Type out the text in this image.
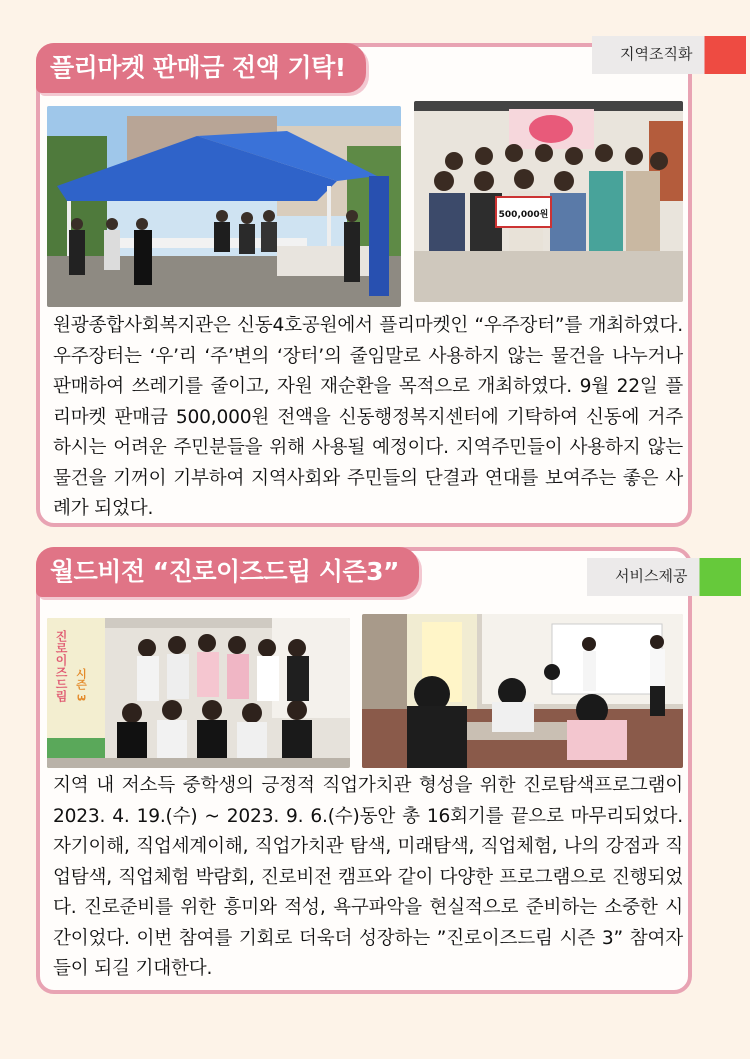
플리마켓 판매금 전액 기탁!	지역조직화
500,000원

원광종합사회복지관은 신동4호공원에서 플리마켓인 “우주장터”를 개최하였다. 우주장터는 ‘우’리 ‘주’변의 ‘장터’의 줄임말로 사용하지 않는 물건을 나누거나 판매하여 쓰레기를 줄이고, 자원 재순환을 목적으로 개최하였다. 9월 22일 플리마켓 판매금 500,000원 전액을 신동행정복지센터에 기탁하여 신동에 거주하시는 어려운 주민분들을 위해 사용될 예정이다. 지역주민들이 사용하지 않는 물건을 기꺼이 기부하여 지역사회와 주민들의 단결과 연대를 보여주는 좋은 사례가 되었다.

월드비전 “진로이즈드림 시즌3”	서비스제공
진로이즈드림 시즌 3

지역 내 저소득 중학생의 긍정적 직업가치관 형성을 위한 진로탐색프로그램이 2023. 4. 19.(수) ~ 2023. 9. 6.(수)동안 총 16회기를 끝으로 마무리되었다. 자기이해, 직업세계이해, 직업가치관 탐색, 미래탐색, 직업체험, 나의 강점과 직업탐색, 직업체험 박람회, 진로비전 캠프와 같이 다양한 프로그램으로 진행되었다. 진로준비를 위한 흥미와 적성, 욕구파악을 현실적으로 준비하는 소중한 시간이었다. 이번 참여를 기회로 더욱더 성장하는 ”진로이즈드림 시즌 3” 참여자들이 되길 기대한다.
